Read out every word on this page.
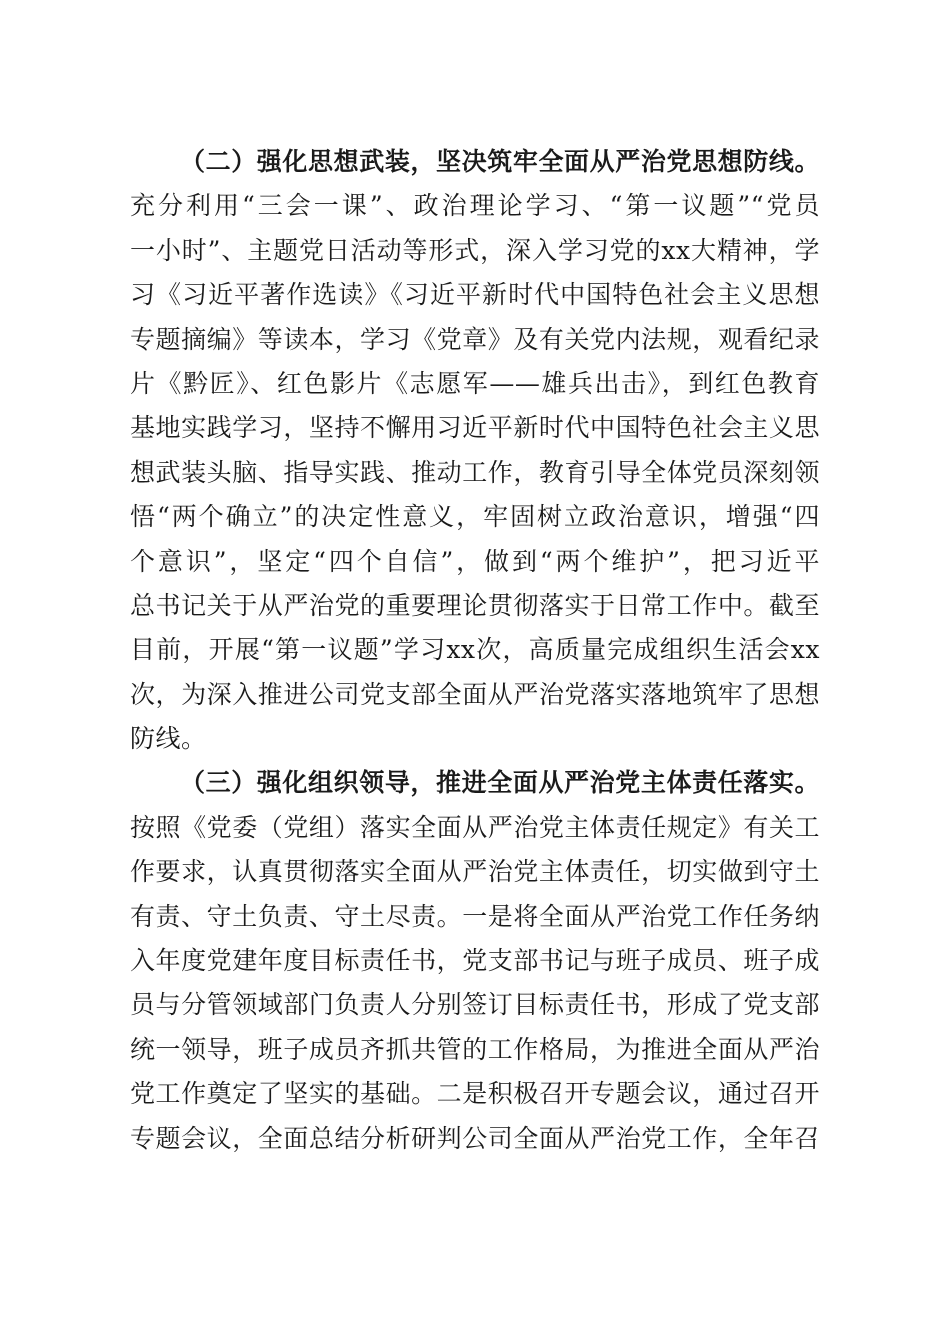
（二）强化思想武装，坚决筑牢全面从严治党思想防线。
充分利用“三会一课”、政治理论学习、“第一议题”“党员
一小时”、主题党日活动等形式，深入学习党的xx大精神，学
习《习近平著作选读》《习近平新时代中国特色社会主义思想
专题摘编》等读本，学习《党章》及有关党内法规，观看纪录
片《黔匠》、红色影片《志愿军——雄兵出击》，到红色教育
基地实践学习，坚持不懈用习近平新时代中国特色社会主义思
想武装头脑、指导实践、推动工作，教育引导全体党员深刻领
悟“两个确立”的决定性意义，牢固树立政治意识，增强“四
个意识”，坚定“四个自信”，做到“两个维护”，把习近平
总书记关于从严治党的重要理论贯彻落实于日常工作中。截至
目前，开展“第一议题”学习xx次，高质量完成组织生活会xx
次，为深入推进公司党支部全面从严治党落实落地筑牢了思想
防线。
（三）强化组织领导，推进全面从严治党主体责任落实。
按照《党委（党组）落实全面从严治党主体责任规定》有关工
作要求，认真贯彻落实全面从严治党主体责任，切实做到守土
有责、守土负责、守土尽责。一是将全面从严治党工作任务纳
入年度党建年度目标责任书，党支部书记与班子成员、班子成
员与分管领域部门负责人分别签订目标责任书，形成了党支部
统一领导，班子成员齐抓共管的工作格局，为推进全面从严治
党工作奠定了坚实的基础。二是积极召开专题会议，通过召开
专题会议，全面总结分析研判公司全面从严治党工作，全年召
